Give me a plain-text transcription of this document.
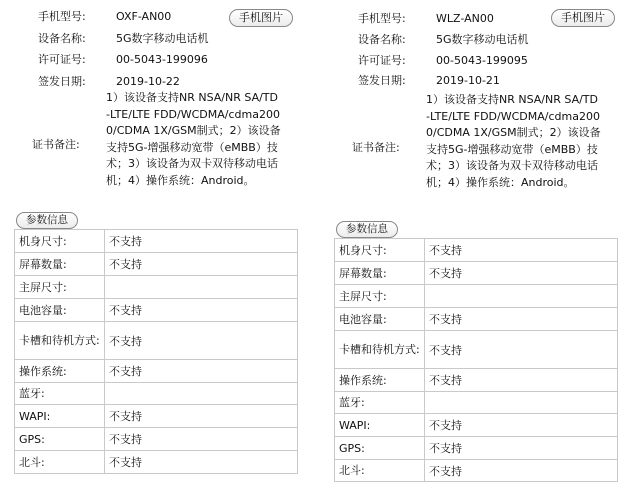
手机型号:	OXF-AN00	手机图片
设备名称:	5G数字移动电话机
许可证号:	00-5043-199096
签发日期:	2019-10-22
证书备注:
1）该设备支持NR NSA/NR SA/TD-LTE/LTE FDD/WCDMA/cdma2000/CDMA 1X/GSM制式；2）该设备支持5G-增强移动宽带（eMBB）技术；3）该设备为双卡双待移动电话机；4）操作系统：Android。
参数信息
机身尺寸:	不支持
屏幕数量:	不支持
主屏尺寸:	
电池容量:	不支持
卡槽和待机方式:	不支持
操作系统:	不支持
蓝牙:	
WAPI:	不支持
GPS:	不支持
北斗:	不支持
手机型号:	WLZ-AN00	手机图片
设备名称:	5G数字移动电话机
许可证号:	00-5043-199095
签发日期:	2019-10-21
证书备注:
1）该设备支持NR NSA/NR SA/TD-LTE/LTE FDD/WCDMA/cdma2000/CDMA 1X/GSM制式；2）该设备支持5G-增强移动宽带（eMBB）技术；3）该设备为双卡双待移动电话机；4）操作系统：Android。
参数信息
机身尺寸:	不支持
屏幕数量:	不支持
主屏尺寸:	
电池容量:	不支持
卡槽和待机方式:	不支持
操作系统:	不支持
蓝牙:	
WAPI:	不支持
GPS:	不支持
北斗:	不支持
